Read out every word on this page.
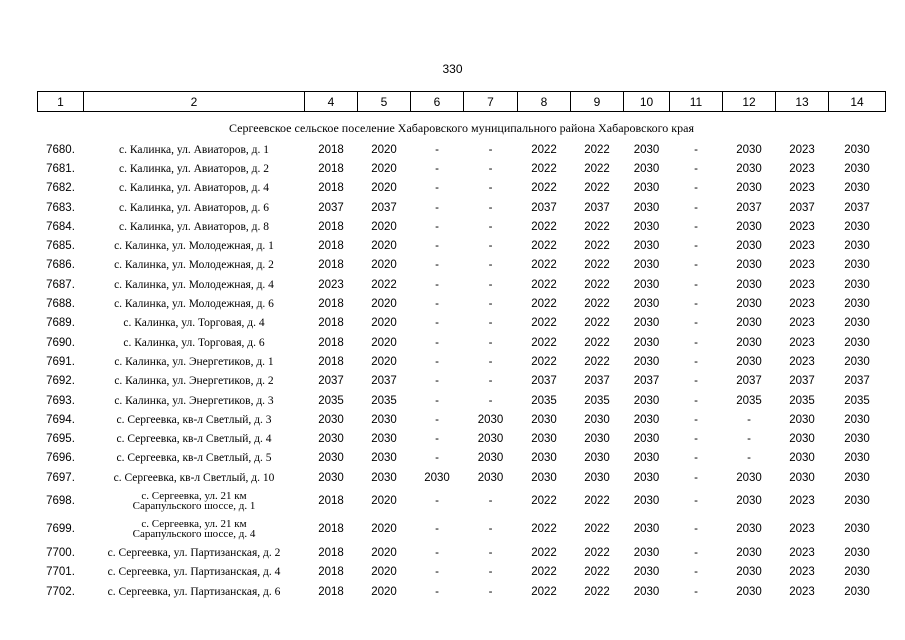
330
1	2	4	5	6	7	8	9	10	11	12	13	14
Сергеевское сельское поселение Хабаровского муниципального района Хабаровского края												
7680.	с. Калинка, ул. Авиаторов, д. 1	2018	2020	-	-	2022	2022	2030	-	2030	2023	2030
7681.	с. Калинка, ул. Авиаторов, д. 2	2018	2020	-	-	2022	2022	2030	-	2030	2023	2030
7682.	с. Калинка, ул. Авиаторов, д. 4	2018	2020	-	-	2022	2022	2030	-	2030	2023	2030
7683.	с. Калинка, ул. Авиаторов, д. 6	2037	2037	-	-	2037	2037	2030	-	2037	2037	2037
7684.	с. Калинка, ул. Авиаторов, д. 8	2018	2020	-	-	2022	2022	2030	-	2030	2023	2030
7685.	с. Калинка, ул. Молодежная, д. 1	2018	2020	-	-	2022	2022	2030	-	2030	2023	2030
7686.	с. Калинка, ул. Молодежная, д. 2	2018	2020	-	-	2022	2022	2030	-	2030	2023	2030
7687.	с. Калинка, ул. Молодежная, д. 4	2023	2022	-	-	2022	2022	2030	-	2030	2023	2030
7688.	с. Калинка, ул. Молодежная, д. 6	2018	2020	-	-	2022	2022	2030	-	2030	2023	2030
7689.	с. Калинка, ул. Торговая, д. 4	2018	2020	-	-	2022	2022	2030	-	2030	2023	2030
7690.	с. Калинка, ул. Торговая, д. 6	2018	2020	-	-	2022	2022	2030	-	2030	2023	2030
7691.	с. Калинка, ул. Энергетиков, д. 1	2018	2020	-	-	2022	2022	2030	-	2030	2023	2030
7692.	с. Калинка, ул. Энергетиков, д. 2	2037	2037	-	-	2037	2037	2037	-	2037	2037	2037
7693.	с. Калинка, ул. Энергетиков, д. 3	2035	2035	-	-	2035	2035	2030	-	2035	2035	2035
7694.	с. Сергеевка, кв-л Светлый, д. 3	2030	2030	-	2030	2030	2030	2030	-	-	2030	2030
7695.	с. Сергеевка, кв-л Светлый, д. 4	2030	2030	-	2030	2030	2030	2030	-	-	2030	2030
7696.	с. Сергеевка, кв-л Светлый, д. 5	2030	2030	-	2030	2030	2030	2030	-	-	2030	2030
7697.	с. Сергеевка, кв-л Светлый, д. 10	2030	2030	2030	2030	2030	2030	2030	-	2030	2030	2030
7698.	с. Сергеевка, ул. 21 км
Сарапульского шоссе, д. 1	2018	2020	-	-	2022	2022	2030	-	2030	2023	2030
7699.	с. Сергеевка, ул. 21 км
Сарапульского шоссе, д. 4	2018	2020	-	-	2022	2022	2030	-	2030	2023	2030
7700.	с. Сергеевка, ул. Партизанская, д. 2	2018	2020	-	-	2022	2022	2030	-	2030	2023	2030
7701.	с. Сергеевка, ул. Партизанская, д. 4	2018	2020	-	-	2022	2022	2030	-	2030	2023	2030
7702.	с. Сергеевка, ул. Партизанская, д. 6	2018	2020	-	-	2022	2022	2030	-	2030	2023	2030
